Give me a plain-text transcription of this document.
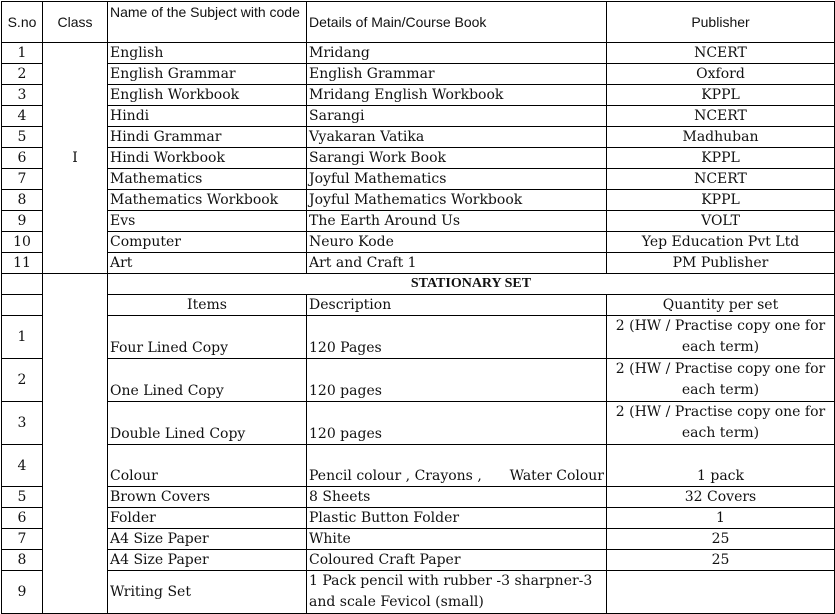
S.no	Class	Name of the Subject with code	Details of Main/Course Book	Publisher
1	I	English	Mridang	NCERT
2		English Grammar	English Grammar	Oxford
3		English Workbook	Mridang English Workbook	KPPL
4		Hindi	Sarangi	NCERT
5		Hindi Grammar	Vyakaran Vatika	Madhuban
6		Hindi Workbook	Sarangi Work Book	KPPL
7		Mathematics	Joyful Mathematics	NCERT
8		Mathematics Workbook	Joyful Mathematics Workbook	KPPL
9		Evs	The Earth Around Us	VOLT
10		Computer	Neuro Kode	Yep Education Pvt Ltd
11		Art	Art and Craft 1	PM Publisher
		STATIONARY SET		
		Items	Description	Quantity per set
1		Four Lined Copy	120 Pages	2 (HW / Practise copy one for each term)
2		One Lined Copy	120 pages	2 (HW / Practise copy one for each term)
3		Double Lined Copy	120 pages	2 (HW / Practise copy one for each term)
4		Colour	Pencil colour , Crayons , Water Colour	1 pack
5		Brown Covers	8 Sheets	32 Covers
6		Folder	Plastic Button Folder	1
7		A4 Size Paper	White	25
8		A4 Size Paper	Coloured Craft Paper	25
9		Writing Set	1 Pack pencil with rubber -3 sharpner-3 and scale Fevicol (small)	
